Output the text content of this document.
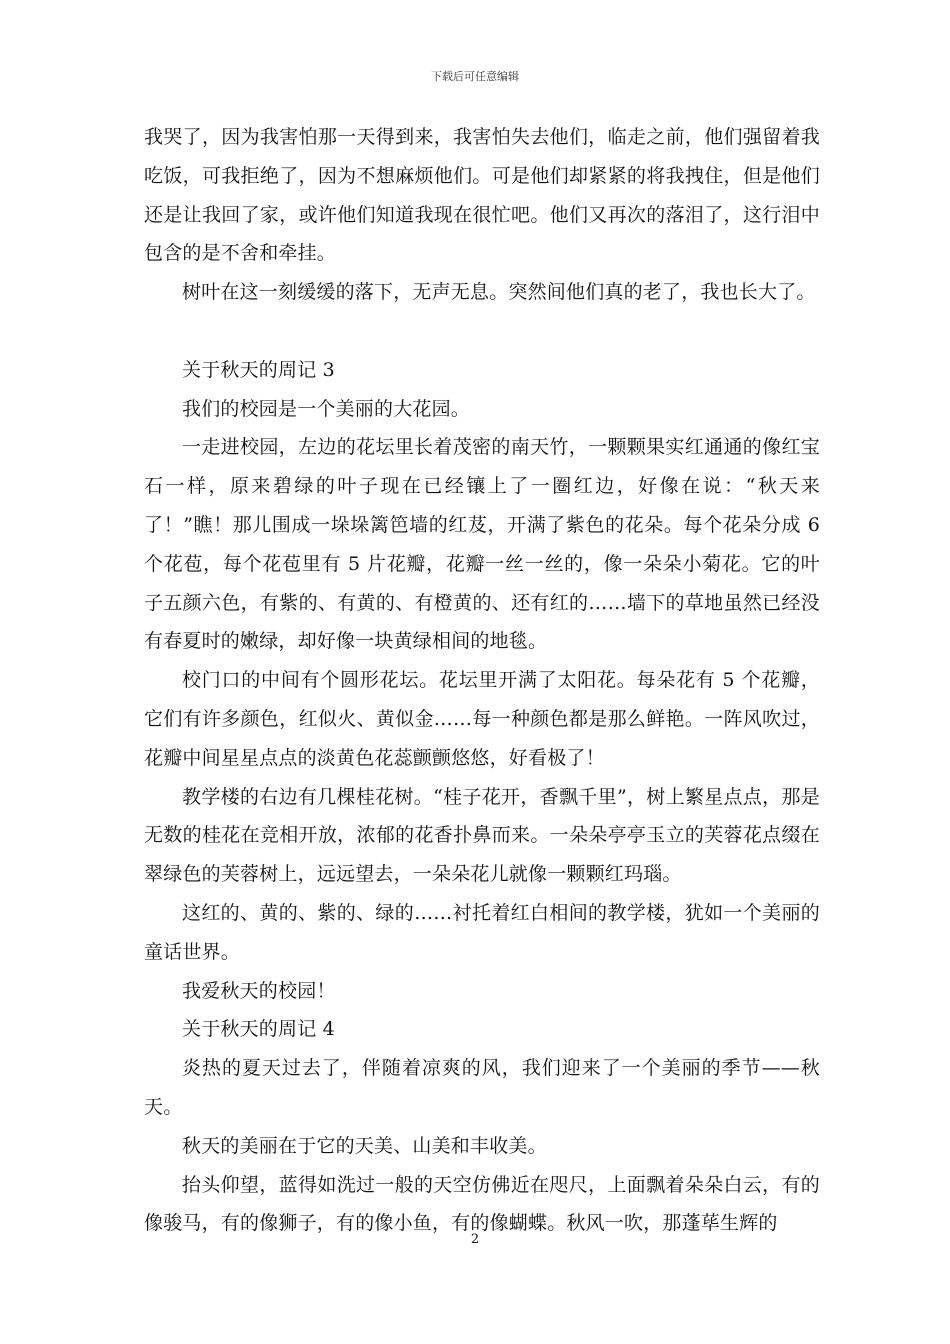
下载后可任意编辑

我哭了，因为我害怕那一天得到来，我害怕失去他们，临走之前，他们强留着我吃饭，可我拒绝了，因为不想麻烦他们。可是他们却紧紧的将我拽住，但是他们还是让我回了家，或许他们知道我现在很忙吧。他们又再次的落泪了，这行泪中包含的是不舍和牵挂。

树叶在这一刻缓缓的落下，无声无息。突然间他们真的老了，我也长大了。

关于秋天的周记 3

我们的校园是一个美丽的大花园。

一走进校园，左边的花坛里长着茂密的南天竹，一颗颗果实红通通的像红宝石一样，原来碧绿的叶子现在已经镶上了一圈红边，好像在说：“秋天来了！”瞧！那儿围成一垛垛篱笆墙的红芨，开满了紫色的花朵。每个花朵分成 6 个花苞，每个花苞里有 5 片花瓣，花瓣一丝一丝的，像一朵朵小菊花。它的叶子五颜六色，有紫的、有黄的、有橙黄的、还有红的……墙下的草地虽然已经没有春夏时的嫩绿，却好像一块黄绿相间的地毯。

校门口的中间有个圆形花坛。花坛里开满了太阳花。每朵花有 5 个花瓣，它们有许多颜色，红似火、黄似金……每一种颜色都是那么鲜艳。一阵风吹过，花瓣中间星星点点的淡黄色花蕊颤颤悠悠，好看极了！

教学楼的右边有几棵桂花树。“桂子花开，香飘千里”，树上繁星点点，那是无数的桂花在竞相开放，浓郁的花香扑鼻而来。一朵朵亭亭玉立的芙蓉花点缀在翠绿色的芙蓉树上，远远望去，一朵朵花儿就像一颗颗红玛瑙。

这红的、黄的、紫的、绿的……衬托着红白相间的教学楼，犹如一个美丽的童话世界。

我爱秋天的校园！

关于秋天的周记 4

炎热的夏天过去了，伴随着凉爽的风，我们迎来了一个美丽的季节——秋天。

秋天的美丽在于它的天美、山美和丰收美。

抬头仰望，蓝得如洗过一般的天空仿佛近在咫尺，上面飘着朵朵白云，有的像骏马，有的像狮子，有的像小鱼，有的像蝴蝶。秋风一吹，那蓬荜生辉的

2
